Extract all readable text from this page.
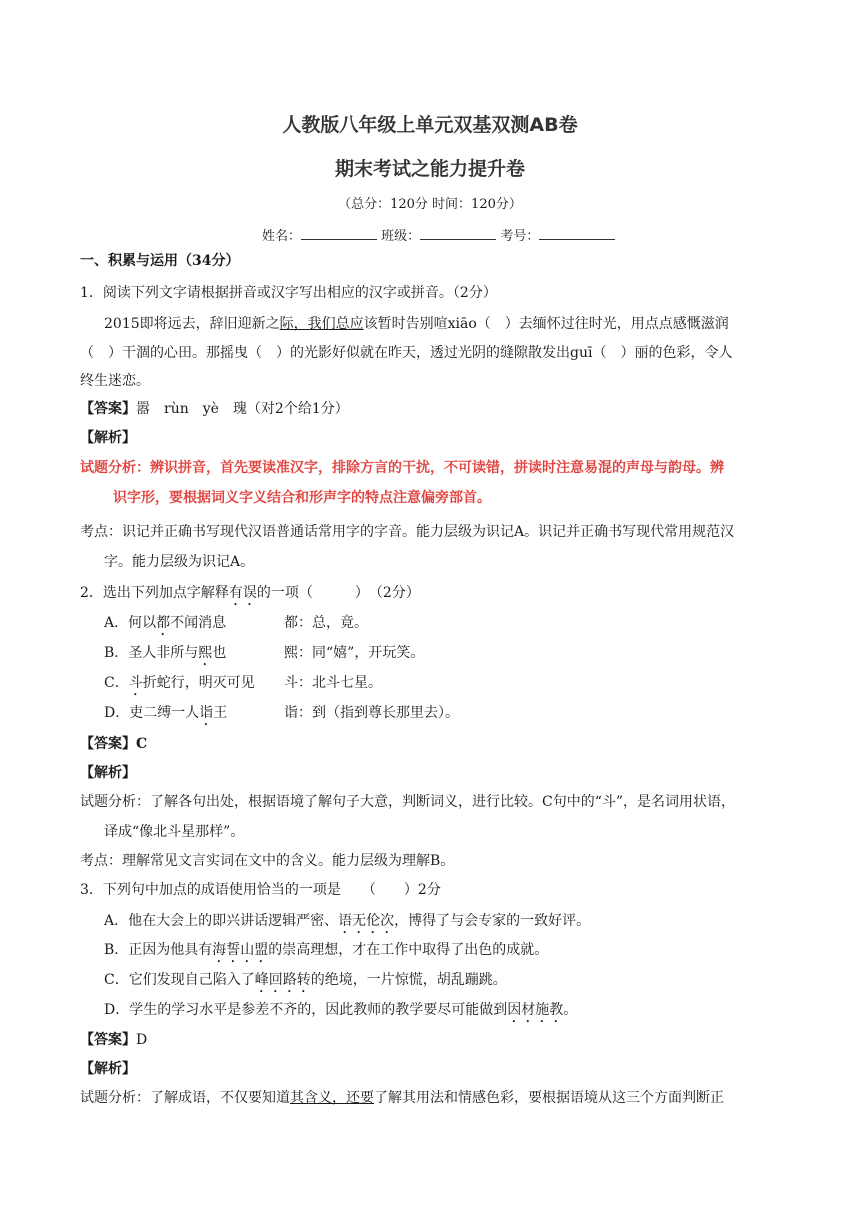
人教版八年级上单元双基双测AB卷
期末考试之能力提升卷
（总分：120分 时间：120分）
姓名：	班级：	考号：
一、积累与运用（34分）
1．阅读下列文字请根据拼音或汉字写出相应的汉字或拼音。（2分）
2015即将远去，辞旧迎新之际，我们总应该暂时告别喧xiāo（　）去缅怀过往时光，用点点感慨滋润
（　）干涸的心田。那摇曳（　）的光影好似就在昨天，透过光阴的缝隙散发出guī（　）丽的色彩，令人
终生迷恋。
【答案】嚣　rùn　yè　瑰（对2个给1分）
【解析】
试题分析：辨识拼音，首先要读准汉字，排除方言的干扰，不可读错，拼读时注意易混的声母与韵母。辨
识字形，要根据词义字义结合和形声字的特点注意偏旁部首。
考点：识记并正确书写现代汉语普通话常用字的字音。能力层级为识记A。识记并正确书写现代常用规范汉
字。能力层级为识记A。
2．选出下列加点字解释有误的一项（　　　）　（2分）
A．何以都不闻消息	都：总，竟。
B．圣人非所与熙也	熙：同“嬉”，开玩笑。
C．斗折蛇行，明灭可见 斗：北斗七星。
D．吏二缚一人诣王	诣：到（指到尊长那里去）。
【答案】C
【解析】
试题分析：了解各句出处，根据语境了解句子大意，判断词义，进行比较。C句中的“斗”，是名词用状语，
译成“像北斗星那样”。
考点：理解常见文言实词在文中的含义。能力层级为理解B。
3．下列句中加点的成语使用恰当的一项是　　（　　）2分
A．他在大会上的即兴讲话逻辑严密、语无伦次，博得了与会专家的一致好评。
B．正因为他具有海誓山盟的崇高理想，才在工作中取得了出色的成就。
C．它们发现自己陷入了峰回路转的绝境，一片惊慌，胡乱蹦跳。
D．学生的学习水平是参差不齐的，因此教师的教学要尽可能做到因材施教。
【答案】D
【解析】
试题分析：了解成语，不仅要知道其含义，还要了解其用法和情感色彩，要根据语境从这三个方面判断正
